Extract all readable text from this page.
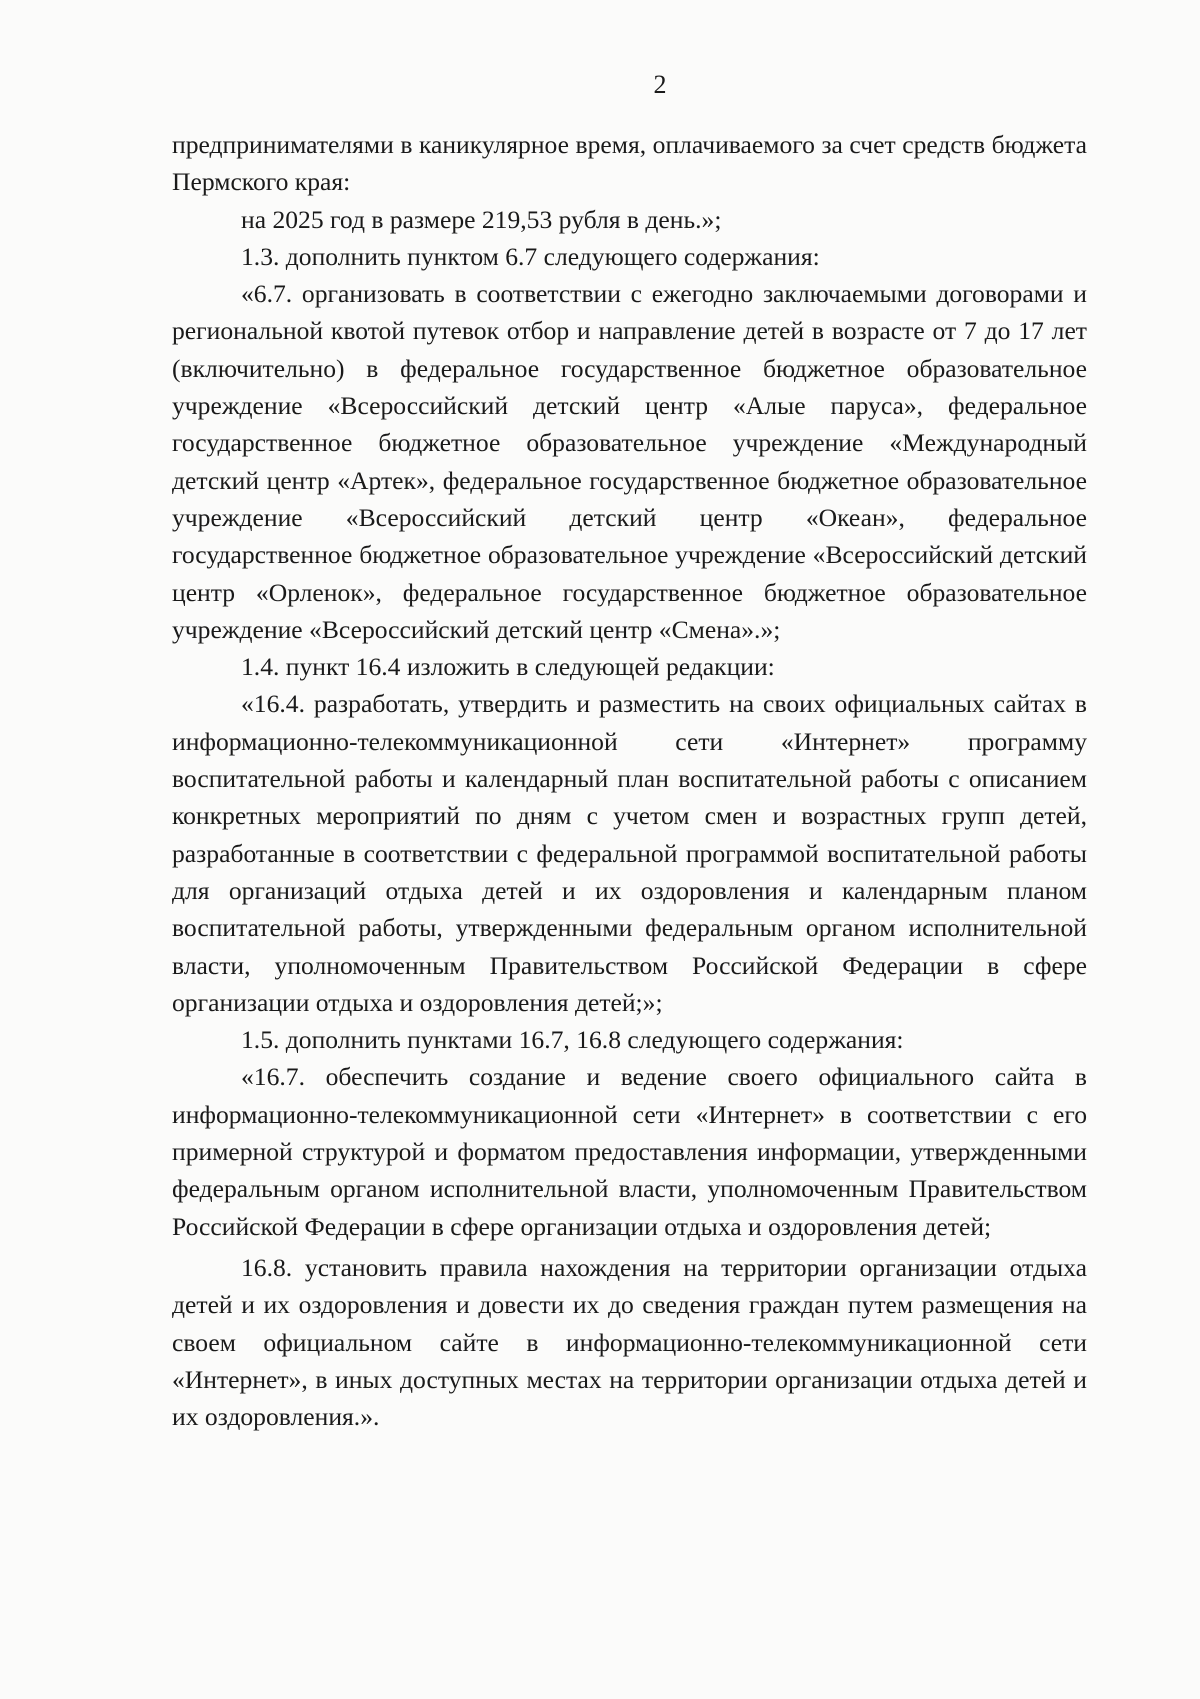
2

предпринимателями в каникулярное время, оплачиваемого за счет средств бюджета Пермского края:

на 2025 год в размере 219,53 рубля в день.»;

1.3. дополнить пунктом 6.7 следующего содержания:

«6.7. организовать в соответствии с ежегодно заключаемыми договорами и региональной квотой путевок отбор и направление детей в возрасте от 7 до 17 лет (включительно) в федеральное государственное бюджетное образовательное учреждение «Всероссийский детский центр «Алые паруса», федеральное государственное бюджетное образовательное учреждение «Международный детский центр «Артек», федеральное государственное бюджетное образовательное учреждение «Всероссийский детский центр «Океан», федеральное государственное бюджетное образовательное учреждение «Всероссийский детский центр «Орленок», федеральное государственное бюджетное образовательное учреждение «Всероссийский детский центр «Смена».»;

1.4. пункт 16.4 изложить в следующей редакции:

«16.4. разработать, утвердить и разместить на своих официальных сайтах в информационно-телекоммуникационной сети «Интернет» программу воспитательной работы и календарный план воспитательной работы с описанием конкретных мероприятий по дням с учетом смен и возрастных групп детей, разработанные в соответствии с федеральной программой воспитательной работы для организаций отдыха детей и их оздоровления и календарным планом воспитательной работы, утвержденными федеральным органом исполнительной власти, уполномоченным Правительством Российской Федерации в сфере организации отдыха и оздоровления детей;»;

1.5. дополнить пунктами 16.7, 16.8 следующего содержания:

«16.7. обеспечить создание и ведение своего официального сайта в информационно-телекоммуникационной сети «Интернет» в соответствии с его примерной структурой и форматом предоставления информации, утвержденными федеральным органом исполнительной власти, уполномоченным Правительством Российской Федерации в сфере организации отдыха и оздоровления детей;

16.8. установить правила нахождения на территории организации отдыха детей и их оздоровления и довести их до сведения граждан путем размещения на своем официальном сайте в информационно-телекоммуникационной сети «Интернет», в иных доступных местах на территории организации отдыха детей и их оздоровления.».
